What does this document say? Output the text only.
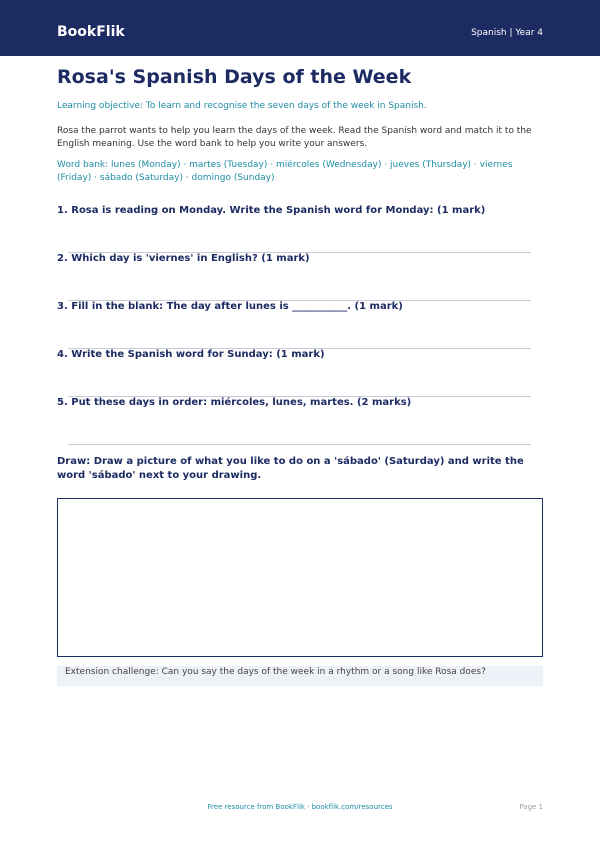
BookFlik	Spanish | Year 4
Rosa's Spanish Days of the Week
Learning objective: To learn and recognise the seven days of the week in Spanish.
Rosa the parrot wants to help you learn the days of the week. Read the Spanish word and match it to the English meaning. Use the word bank to help you write your answers.
Word bank: lunes (Monday) · martes (Tuesday) · miércoles (Wednesday) · jueves (Thursday) · viernes (Friday) · sábado (Saturday) · domingo (Sunday)
1. Rosa is reading on Monday. Write the Spanish word for Monday: (1 mark)
2. Which day is 'viernes' in English? (1 mark)
3. Fill in the blank: The day after lunes is ___________. (1 mark)
4. Write the Spanish word for Sunday: (1 mark)
5. Put these days in order: miércoles, lunes, martes. (2 marks)
Draw: Draw a picture of what you like to do on a 'sábado' (Saturday) and write the word 'sábado' next to your drawing.
Extension challenge: Can you say the days of the week in a rhythm or a song like Rosa does?
Free resource from BookFlik · bookflik.com/resources	Page 1
